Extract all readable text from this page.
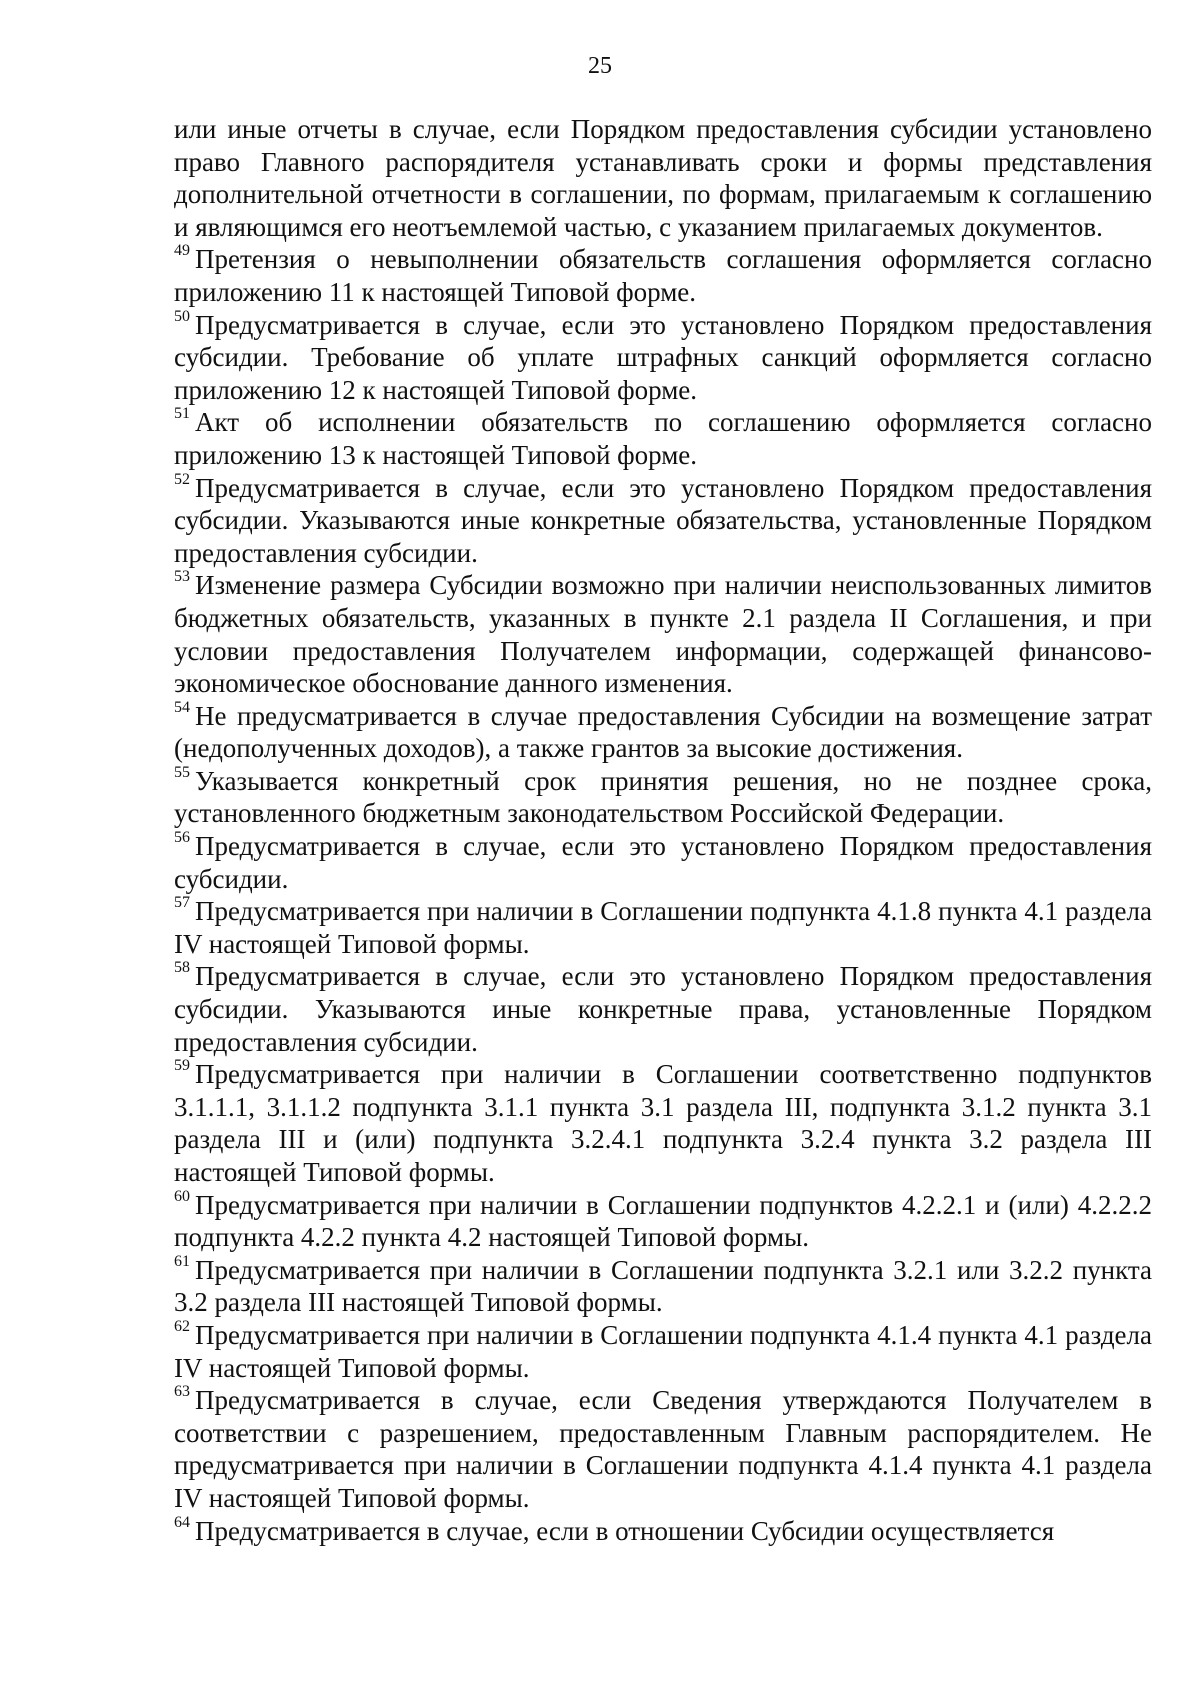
25

или иные отчеты в случае, если Порядком предоставления субсидии установлено право Главного распорядителя устанавливать сроки и формы представления дополнительной отчетности в соглашении, по формам, прилагаемым к соглашению и являющимся его неотъемлемой частью, с указанием прилагаемых документов.

$^{49}$ Претензия о невыполнении обязательств соглашения оформляется согласно приложению 11 к настоящей Типовой форме.

$^{50}$ Предусматривается в случае, если это установлено Порядком предоставления субсидии. Требование об уплате штрафных санкций оформляется согласно приложению 12 к настоящей Типовой форме.

$^{51}$ Акт об исполнении обязательств по соглашению оформляется согласно приложению 13 к настоящей Типовой форме.

$^{52}$ Предусматривается в случае, если это установлено Порядком предоставления субсидии. Указываются иные конкретные обязательства, установленные Порядком предоставления субсидии.

$^{53}$ Изменение размера Субсидии возможно при наличии неиспользованных лимитов бюджетных обязательств, указанных в пункте 2.1 раздела II Соглашения, и при условии предоставления Получателем информации, содержащей финансово-экономическое обоснование данного изменения.

$^{54}$ Не предусматривается в случае предоставления Субсидии на возмещение затрат (недополученных доходов), а также грантов за высокие достижения.

$^{55}$ Указывается конкретный срок принятия решения, но не позднее срока, установленного бюджетным законодательством Российской Федерации.

$^{56}$ Предусматривается в случае, если это установлено Порядком предоставления субсидии.

$^{57}$ Предусматривается при наличии в Соглашении подпункта 4.1.8 пункта 4.1 раздела IV настоящей Типовой формы.

$^{58}$ Предусматривается в случае, если это установлено Порядком предоставления субсидии. Указываются иные конкретные права, установленные Порядком предоставления субсидии.

$^{59}$ Предусматривается при наличии в Соглашении соответственно подпунктов 3.1.1.1, 3.1.1.2 подпункта 3.1.1 пункта 3.1 раздела III, подпункта 3.1.2 пункта 3.1 раздела III и (или) подпункта 3.2.4.1 подпункта 3.2.4 пункта 3.2 раздела III настоящей Типовой формы.

$^{60}$ Предусматривается при наличии в Соглашении подпунктов 4.2.2.1 и (или) 4.2.2.2 подпункта 4.2.2 пункта 4.2 настоящей Типовой формы.

$^{61}$ Предусматривается при наличии в Соглашении подпункта 3.2.1 или 3.2.2 пункта 3.2 раздела III настоящей Типовой формы.

$^{62}$ Предусматривается при наличии в Соглашении подпункта 4.1.4 пункта 4.1 раздела IV настоящей Типовой формы.

$^{63}$ Предусматривается в случае, если Сведения утверждаются Получателем в соответствии с разрешением, предоставленным Главным распорядителем. Не предусматривается при наличии в Соглашении подпункта 4.1.4 пункта 4.1 раздела IV настоящей Типовой формы.

$^{64}$ Предусматривается в случае, если в отношении Субсидии осуществляется
